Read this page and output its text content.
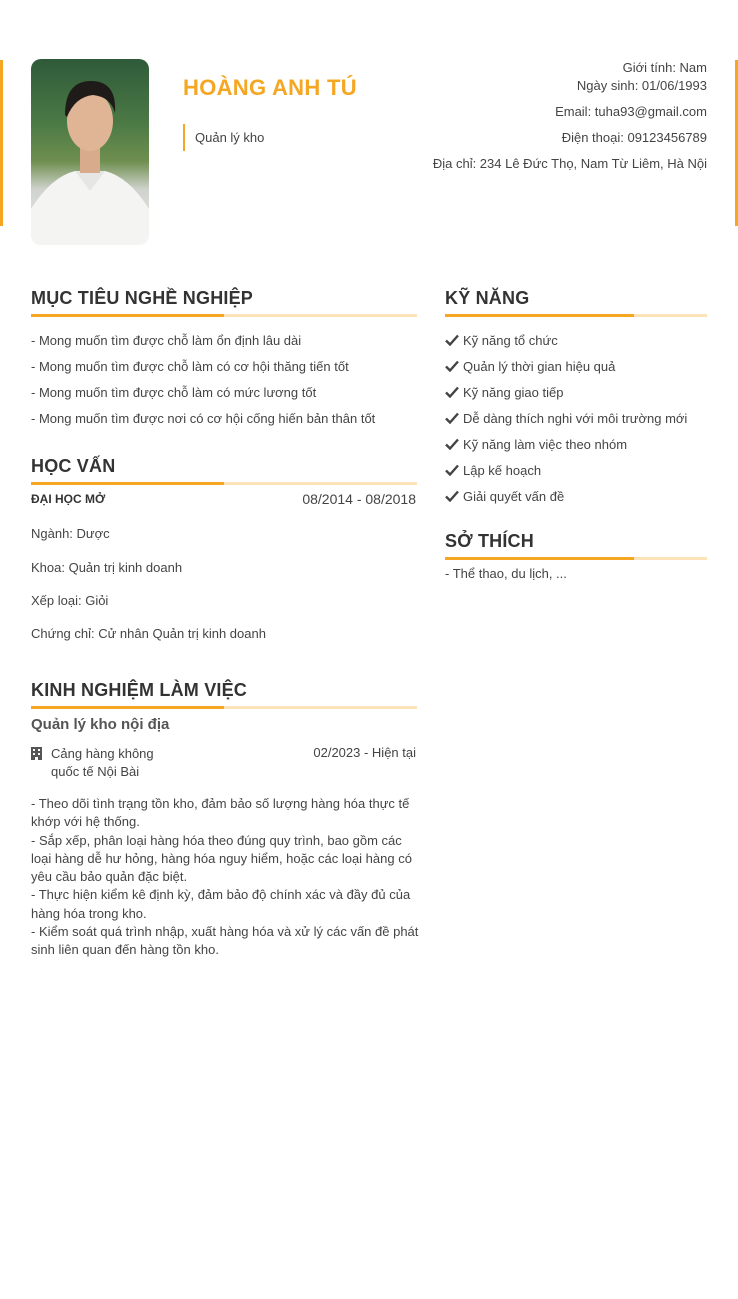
HOÀNG ANH TÚ
Quản lý kho
Giới tính: Nam
Ngày sinh: 01/06/1993
Email: tuha93@gmail.com
Điện thoại: 09123456789
Địa chỉ: 234 Lê Đức Thọ, Nam Từ Liêm, Hà Nội
MỤC TIÊU NGHỀ NGHIỆP
- Mong muốn tìm được chỗ làm ổn định lâu dài
- Mong muốn tìm được chỗ làm có cơ hội thăng tiến tốt
- Mong muốn tìm được chỗ làm có mức lương tốt
- Mong muốn tìm được nơi có cơ hội cống hiến bản thân tốt
HỌC VẤN
ĐẠI HỌC MỞ	08/2014 - 08/2018
Ngành: Dược
Khoa: Quản trị kinh doanh
Xếp loại: Giỏi
Chứng chỉ: Cử nhân Quản trị kinh doanh
KINH NGHIỆM LÀM VIỆC
Quản lý kho nội địa
Cảng hàng không quốc tế Nội Bài
02/2023 - Hiện tại
- Theo dõi tình trạng tồn kho, đảm bảo số lượng hàng hóa thực tế khớp với hệ thống.
- Sắp xếp, phân loại hàng hóa theo đúng quy trình, bao gồm các loại hàng dễ hư hỏng, hàng hóa nguy hiểm, hoặc các loại hàng có yêu cầu bảo quản đặc biệt.
- Thực hiện kiểm kê định kỳ, đảm bảo độ chính xác và đầy đủ của hàng hóa trong kho.
- Kiểm soát quá trình nhập, xuất hàng hóa và xử lý các vấn đề phát sinh liên quan đến hàng tồn kho.
KỸ NĂNG
Kỹ năng tổ chức
Quản lý thời gian hiệu quả
Kỹ năng giao tiếp
Dễ dàng thích nghi với môi trường mới
Kỹ năng làm việc theo nhóm
Lập kế hoạch
Giải quyết vấn đề
SỞ THÍCH
- Thể thao, du lịch, ...
